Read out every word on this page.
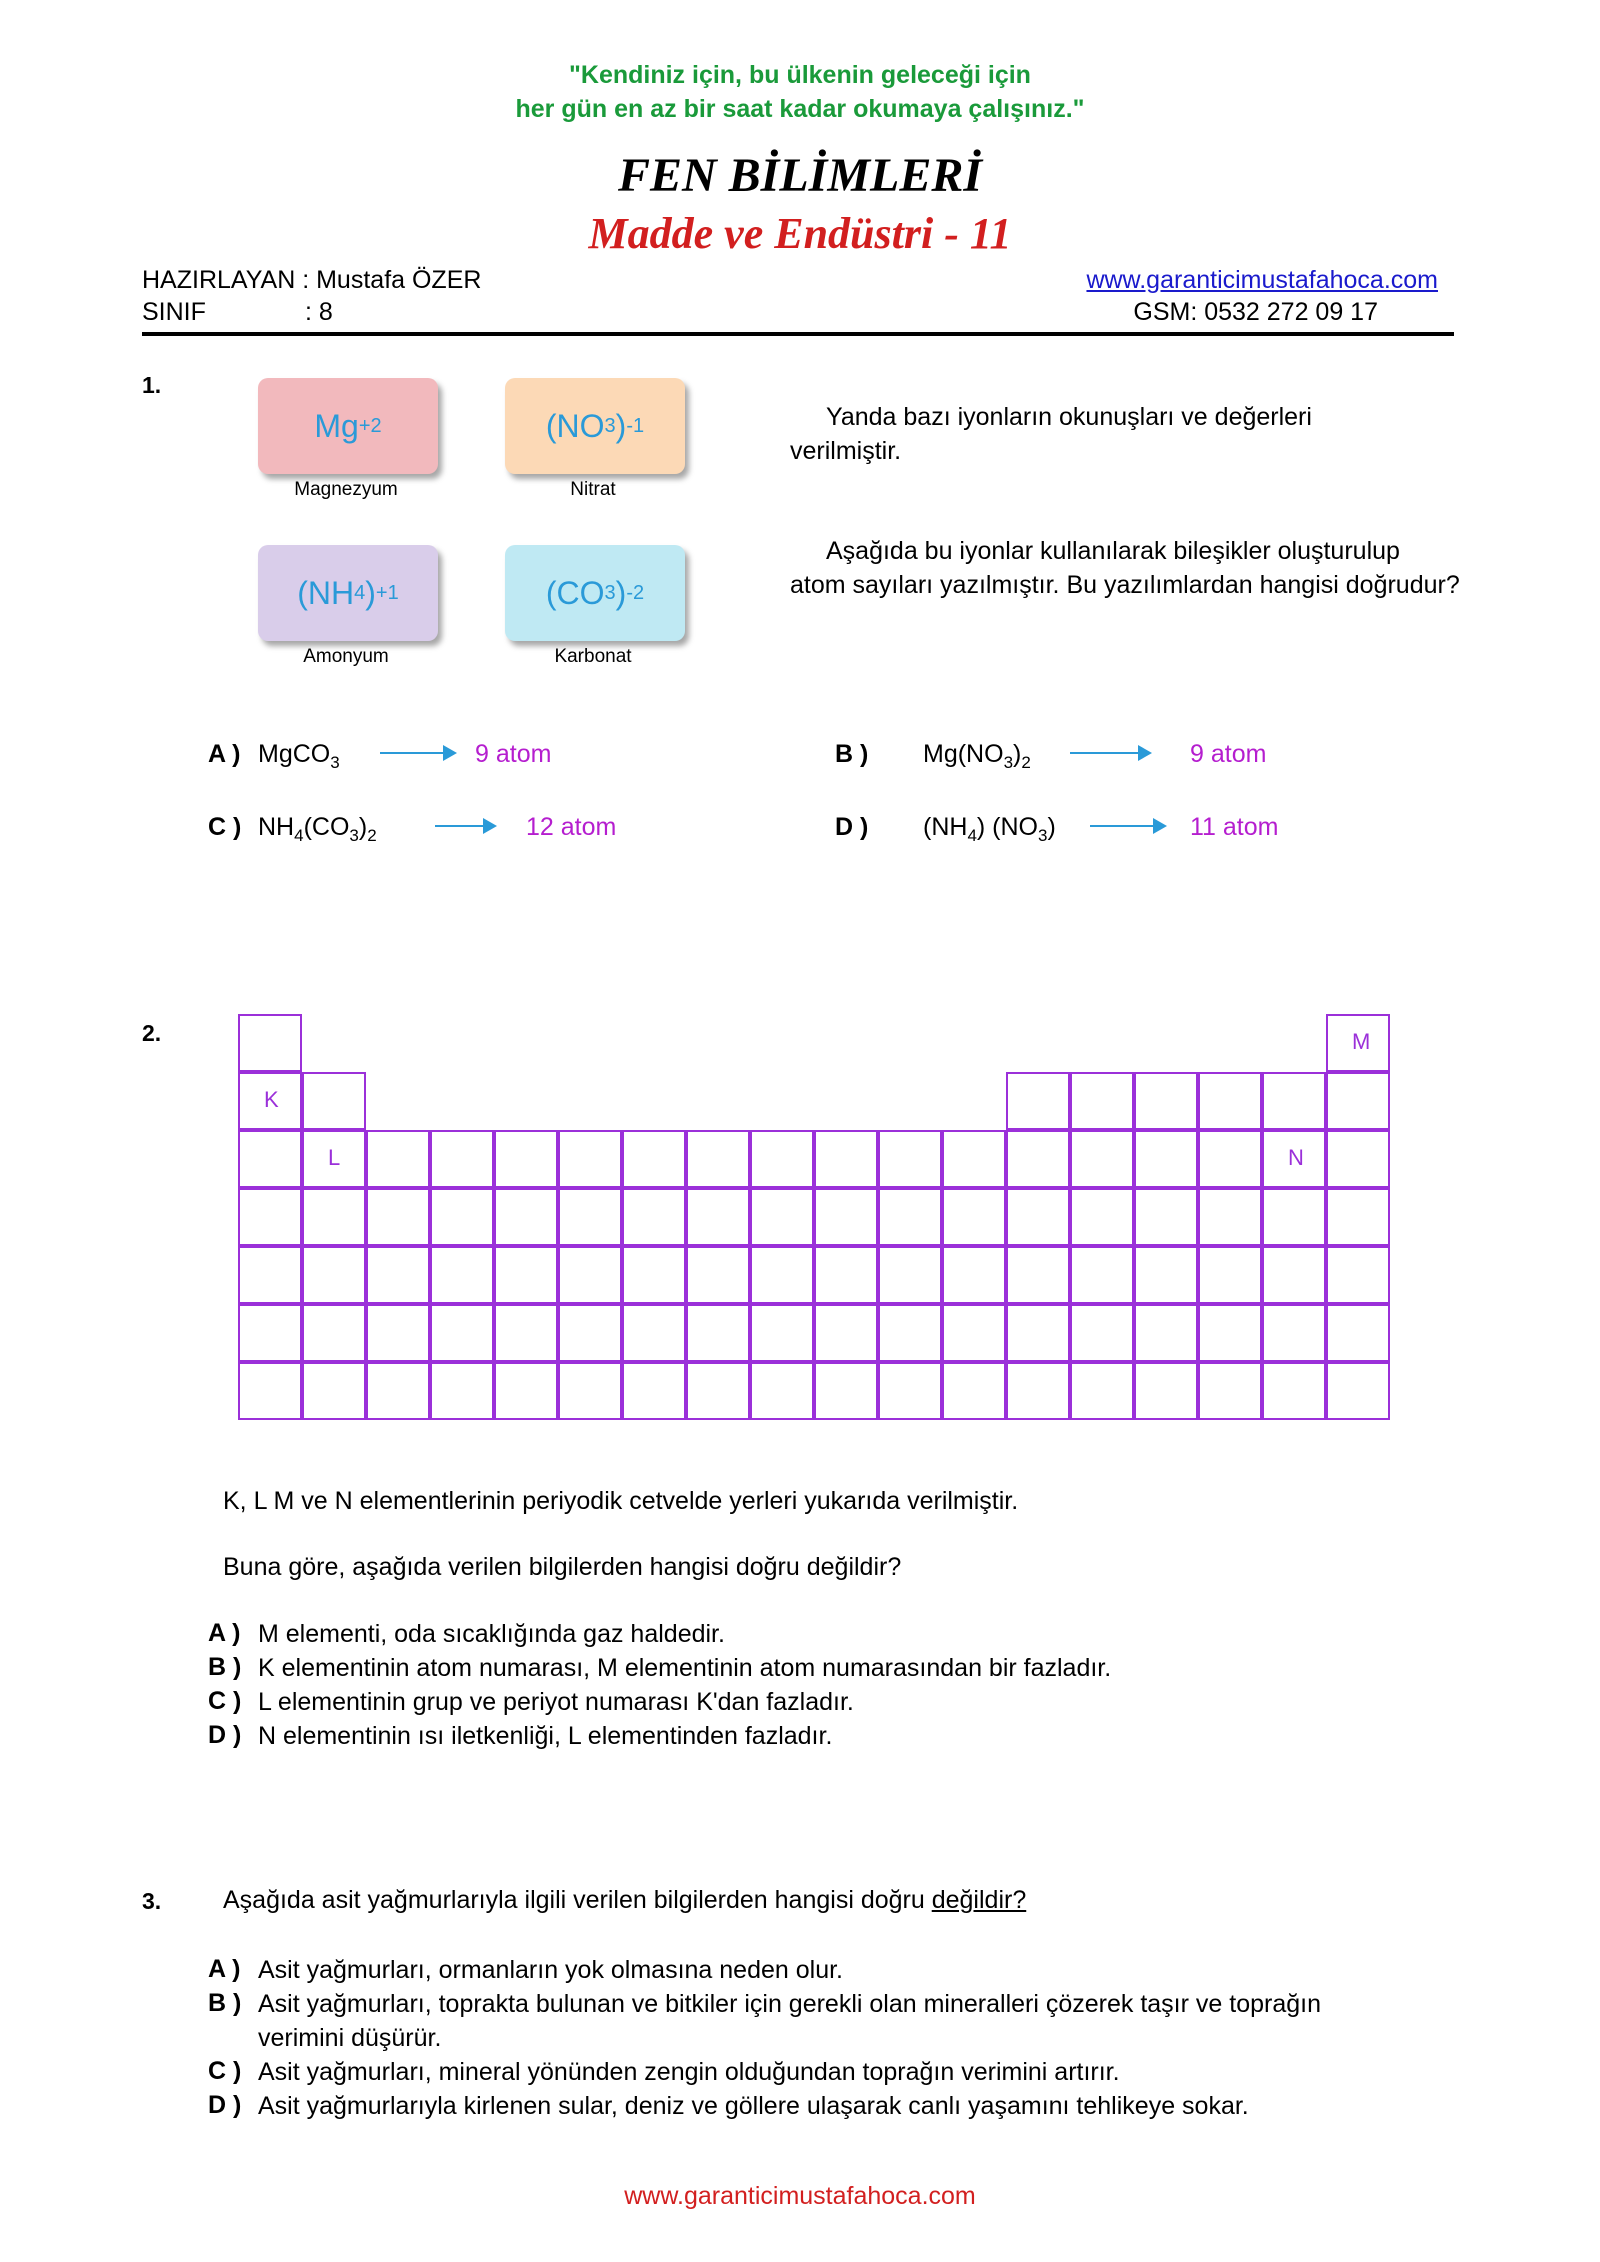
"Kendiniz için, bu ülkenin geleceği için
her gün en az bir saat kadar okumaya çalışınız."
FEN BİLİMLERİ
Madde ve Endüstri - 11
HAZIRLAYAN : Mustafa ÖZER
SINIF	: 8
www.garanticimustafahoca.com
GSM: 0532 272 09 17
1.
Mg +2
Magnezyum
(NO 3 ) -1
Nitrat
(NH 4 ) +1
Amonyum
(CO 3 ) -2
Karbonat
Yanda bazı iyonların okunuşları ve değerleri verilmiştir.
Aşağıda bu iyonlar kullanılarak bileşikler oluşturulup atom sayıları yazılmıştır. Bu yazılımlardan hangisi doğrudur?
A ) MgCO$_3$	9 atom	B ) $Mg(NO_3)_2$	9 atom
C ) $NH_4(CO_3)_2$	12 atom	D ) $(NH_4)$ $(NO_3)$	11 atom
2.	M
K
L	N
K, L M ve N elementlerinin periyodik cetvelde yerleri yukarıda verilmiştir.
Buna göre, aşağıda verilen bilgilerden hangisi doğru değildir?
A ) M elementi, oda sıcaklığında gaz haldedir.
B ) K elementinin atom numarası, M elementinin atom numarasından bir fazladır.
C ) L elementinin grup ve periyot numarası K'dan fazladır.
D ) N elementinin ısı iletkenliği, L elementinden fazladır.
3. Aşağıda asit yağmurlarıyla ilgili verilen bilgilerden hangisi doğru değildir?
A ) Asit yağmurları, ormanların yok olmasına neden olur.
B ) Asit yağmurları, toprakta bulunan ve bitkiler için gerekli olan mineralleri çözerek taşır ve toprağın verimini düşürür.
C ) Asit yağmurları, mineral yönünden zengin olduğundan toprağın verimini artırır.
D ) Asit yağmurlarıyla kirlenen sular, deniz ve göllere ulaşarak canlı yaşamını tehlikeye sokar.
www.garanticimustafahoca.com
